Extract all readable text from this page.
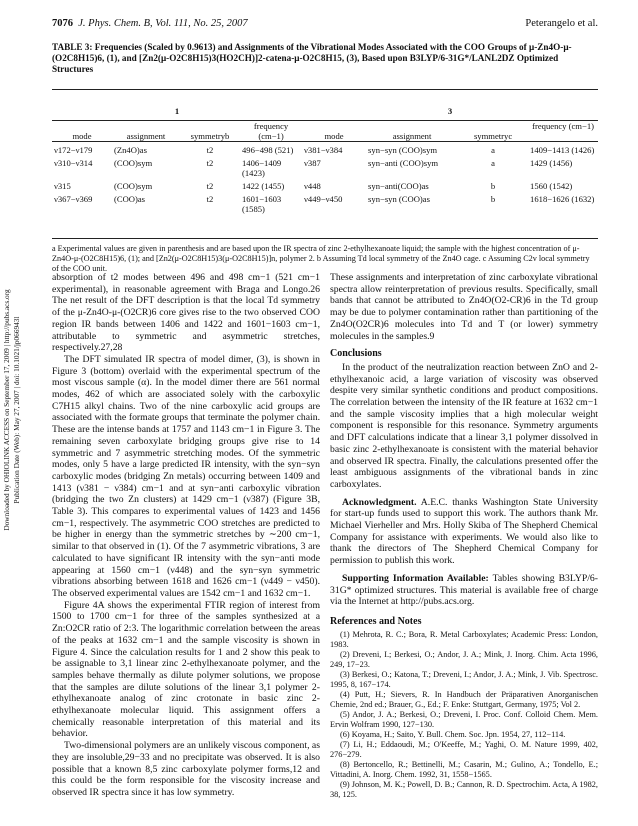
Downloaded by OHIOLINK ACCESS on September 17, 2009 | http://pubs.acs.org Publication Date (Web): May 27, 2007 | doi: 10.1021/jp066943l
7076 J. Phys. Chem. B, Vol. 111, No. 25, 2007	Peterangelo et al.
TABLE 3: Frequencies (Scaled by 0.9613) and Assignments of the Vibrational Modes Associated with the COO Groups of μ-Zn4O-μ-(O2C8H15)6, (1), and [Zn2(μ-O2C8H15)3(HO2CH)]2-catena-μ-O2C8H15, (3), Based upon B3LYP/6-31G*/LANL2DZ Optimized Structures
1				3			
mode	assignment	symmetryb	frequency (cm−1)	mode	assignment	symmetryc	frequency (cm−1)
ν172−ν179	(Zn4O)as	t2	496−498 (521)	ν381−ν384	syn−syn (COO)sym	a	1409−1413 (1426)
ν310−ν314	(COO)sym	t2	1406−1409 (1423)	ν387	syn−anti (COO)sym	a	1429 (1456)
ν315	(COO)sym	t2	1422 (1455)	ν448	syn−anti(COO)as	b	1560 (1542)
ν367−ν369	(COO)as	t2	1601−1603 (1585)	ν449−ν450	syn−syn (COO)as	b	1618−1626 (1632)
a Experimental values are given in parenthesis and are based upon the IR spectra of zinc 2-ethylhexanoate liquid; the sample with the highest concentration of μ-Zn4O-μ-(O2C8H15)6, (1); and [Zn2(μ-O2C8H15)3(μ-O2C8H15)]n, polymer 2. b Assuming Td local symmetry of the Zn4O cage. c Assuming C2v local symmetry of the COO unit.

absorption of t2 modes between 496 and 498 cm−1 (521 cm−1 experimental), in reasonable agreement with Braga and Longo.26 The net result of the DFT description is that the local Td symmetry of the μ-Zn4O-μ-(O2CR)6 core gives rise to the two observed COO region IR bands between 1406 and 1422 and 1601−1603 cm−1, attributable to symmetric and asymmetric stretches, respectively.27,28

The DFT simulated IR spectra of model dimer, (3), is shown in Figure 3 (bottom) overlaid with the experimental spectrum of the most viscous sample (α). In the model dimer there are 561 normal modes, 462 of which are associated solely with the carboxylic C7H15 alkyl chains. Two of the nine carboxylic acid groups are associated with the formate groups that terminate the polymer chain. These are the intense bands at 1757 and 1143 cm−1 in Figure 3. The remaining seven carboxylate bridging groups give rise to 14 symmetric and 7 asymmetric stretching modes. Of the symmetric modes, only 5 have a large predicted IR intensity, with the syn−syn carboxylic modes (bridging Zn metals) occurring between 1409 and 1413 (ν381 − ν384) cm−1 and at syn−anti carboxylic vibration (bridging the two Zn clusters) at 1429 cm−1 (ν387) (Figure 3B, Table 3). This compares to experimental values of 1423 and 1456 cm−1, respectively. The asymmetric COO stretches are predicted to be higher in energy than the symmetric stretches by ∼200 cm−1, similar to that observed in (1). Of the 7 asymmetric vibrations, 3 are calculated to have significant IR intensity with the syn−anti mode appearing at 1560 cm−1 (ν448) and the syn−syn symmetric vibrations absorbing between 1618 and 1626 cm−1 (ν449 − ν450). The observed experimental values are 1542 cm−1 and 1632 cm−1.

Figure 4A shows the experimental FTIR region of interest from 1500 to 1700 cm−1 for three of the samples synthesized at a Zn:O2CR ratio of 2:3. The logarithmic correlation between the areas of the peaks at 1632 cm−1 and the sample viscosity is shown in Figure 4. Since the calculation results for 1 and 2 show this peak to be assignable to 3,1 linear zinc 2-ethylhexanoate polymer, and the samples behave thermally as dilute polymer solutions, we propose that the samples are dilute solutions of the linear 3,1 polymer 2-ethylhexanoate analog of zinc crotonate in basic zinc 2-ethylhexanoate molecular liquid. This assignment offers a chemically reasonable interpretation of this material and its behavior.

Two-dimensional polymers are an unlikely viscous component, as they are insoluble,29−33 and no precipitate was observed. It is also possible that a known 8,5 zinc carboxylate polymer forms,12 and this could be the form responsible for the viscosity increase and observed IR spectra since it has low symmetry.

These assignments and interpretation of zinc carboxylate vibrational spectra allow reinterpretation of previous results. Specifically, small bands that cannot be attributed to Zn4O(O2-CR)6 in the Td group may be due to polymer contamination rather than partitioning of the Zn4O(O2CR)6 molecules into Td and T (or lower) symmetry molecules in the samples.9

Conclusions

In the product of the neutralization reaction between ZnO and 2-ethylhexanoic acid, a large variation of viscosity was observed despite very similar synthetic conditions and product compositions. The correlation between the intensity of the IR feature at 1632 cm−1 and the sample viscosity implies that a high molecular weight component is responsible for this resonance. Symmetry arguments and DFT calculations indicate that a linear 3,1 polymer dissolved in basic zinc 2-ethylhexanoate is consistent with the material behavior and observed IR spectra. Finally, the calculations presented offer the least ambiguous assignments of the vibrational bands in zinc carboxylates.

Acknowledgment. A.E.C. thanks Washington State University for start-up funds used to support this work. The authors thank Mr. Michael Vierheller and Mrs. Holly Skiba of The Shepherd Chemical Company for assistance with experiments. We would also like to thank the directors of The Shepherd Chemical Company for permission to publish this work.

Supporting Information Available: Tables showing B3LYP/6-31G* optimized structures. This material is available free of charge via the Internet at http://pubs.acs.org.

References and Notes

(1) Mehrota, R. C.; Bora, R. Metal Carboxylates; Academic Press: London, 1983.

(2) Dreveni, I.; Berkesi, O.; Andor, J. A.; Mink, J. Inorg. Chim. Acta 1996, 249, 17−23.

(3) Berkesi, O.; Katona, T.; Dreveni, I.; Andor, J. A.; Mink, J. Vib. Spectrosc. 1995, 8, 167−174.

(4) Putt, H.; Sievers, R. In Handbuch der Präparativen Anorganischen Chemie, 2nd ed.; Brauer, G., Ed.; F. Enke: Stuttgart, Germany, 1975; Vol 2.

(5) Andor, J. A.; Berkesi, O.; Dreveni, I. Proc. Conf. Colloid Chem. Mem. Ervin Wolfram 1990, 127−130.

(6) Koyama, H.; Saito, Y. Bull. Chem. Soc. Jpn. 1954, 27, 112−114.

(7) Li, H.; Eddaoudi, M.; O'Keeffe, M.; Yaghi, O. M. Nature 1999, 402, 276−279.

(8) Bertoncello, R.; Bettinelli, M.; Casarin, M.; Gulino, A.; Tondello, E.; Vittadini, A. Inorg. Chem. 1992, 31, 1558−1565.

(9) Johnson, M. K.; Powell, D. B.; Cannon, R. D. Spectrochim. Acta, A 1982, 38, 125.
